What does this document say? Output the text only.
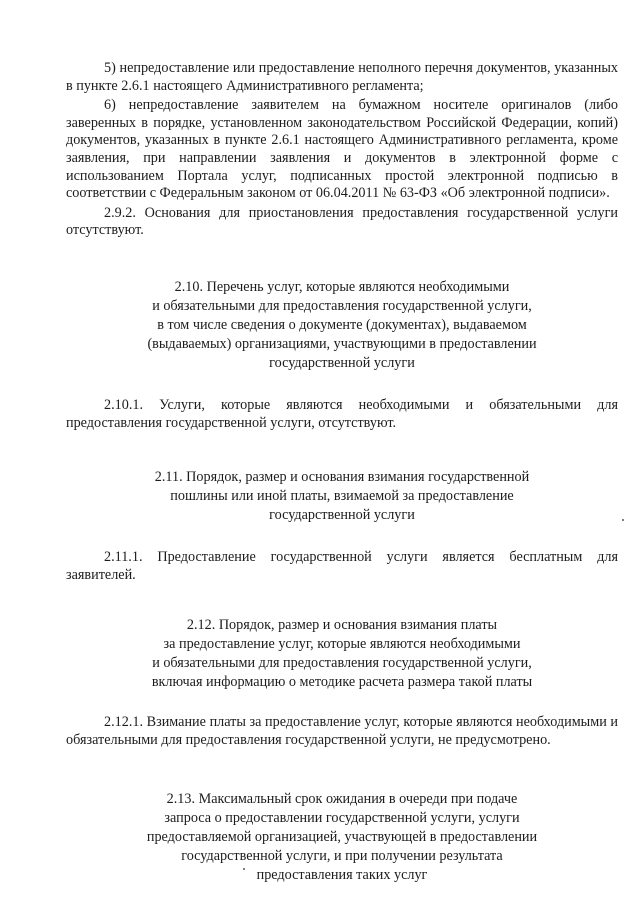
5) непредоставление или предоставление неполного перечня документов, указанных в пункте 2.6.1 настоящего Административного регламента;

6) непредоставление заявителем на бумажном носителе оригиналов (либо заверенных в порядке, установленном законодательством Российской Федерации, копий) документов, указанных в пункте 2.6.1 настоящего Административного регламента, кроме заявления, при направлении заявления и документов в электронной форме с использованием Портала услуг, подписанных простой электронной подписью в соответствии с Федеральным законом от 06.04.2011 № 63-ФЗ «Об электронной подписи».

2.9.2. Основания для приостановления предоставления государственной услуги отсутствуют.

2.10. Перечень услуг, которые являются необходимыми
и обязательными для предоставления государственной услуги,
в том числе сведения о документе (документах), выдаваемом
(выдаваемых) организациями, участвующими в предоставлении
государственной услуги

2.10.1. Услуги, которые являются необходимыми и обязательными для предоставления государственной услуги, отсутствуют.

2.11. Порядок, размер и основания взимания государственной
пошлины или иной платы, взимаемой за предоставление
государственной услуги

2.11.1. Предоставление государственной услуги является бесплатным для заявителей.

2.12. Порядок, размер и основания взимания платы
за предоставление услуг, которые являются необходимыми
и обязательными для предоставления государственной услуги,
включая информацию о методике расчета размера такой платы

2.12.1. Взимание платы за предоставление услуг, которые являются необходимыми и обязательными для предоставления государственной услуги, не предусмотрено.

2.13. Максимальный срок ожидания в очереди при подаче
запроса о предоставлении государственной услуги, услуги
предоставляемой организацией, участвующей в предоставлении
государственной услуги, и при получении результата
предоставления таких услуг
